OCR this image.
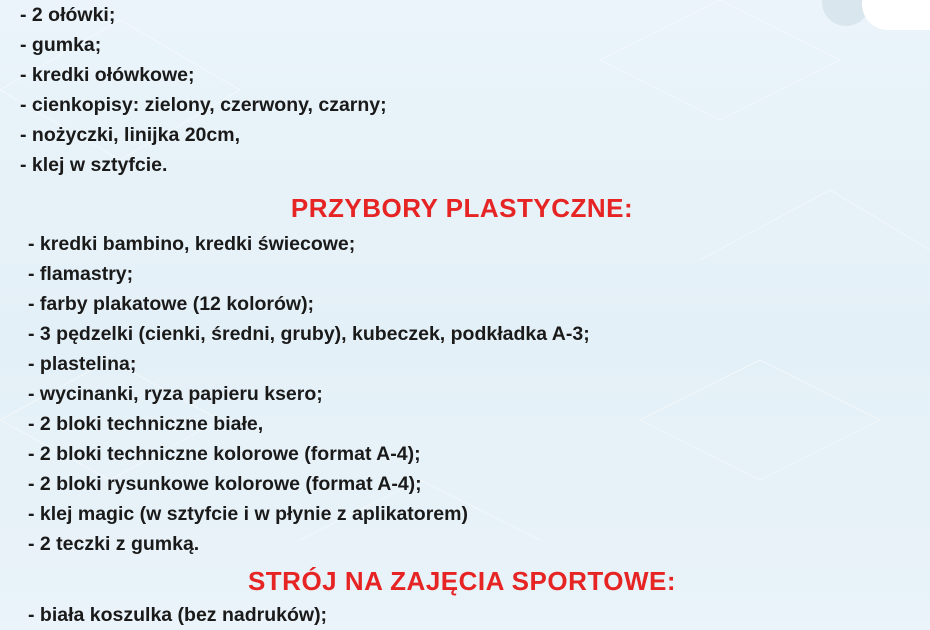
- 2 ołówki;
- gumka;
- kredki ołówkowe;
- cienkopisy: zielony, czerwony, czarny;
- nożyczki, linijka 20cm,
- klej w sztyfcie.
PRZYBORY PLASTYCZNE:
- kredki bambino, kredki świecowe;
- flamastry;
- farby plakatowe (12 kolorów);
- 3 pędzelki (cienki, średni, gruby), kubeczek, podkładka A-3;
- plastelina;
- wycinanki, ryza papieru ksero;
- 2 bloki techniczne białe,
- 2 bloki techniczne kolorowe (format A-4);
- 2 bloki rysunkowe kolorowe (format A-4);
- klej magic (w sztyfcie i w płynie z aplikatorem)
- 2 teczki z gumką.
STRÓJ NA ZAJĘCIA SPORTOWE:
- biała koszulka (bez nadruków);
